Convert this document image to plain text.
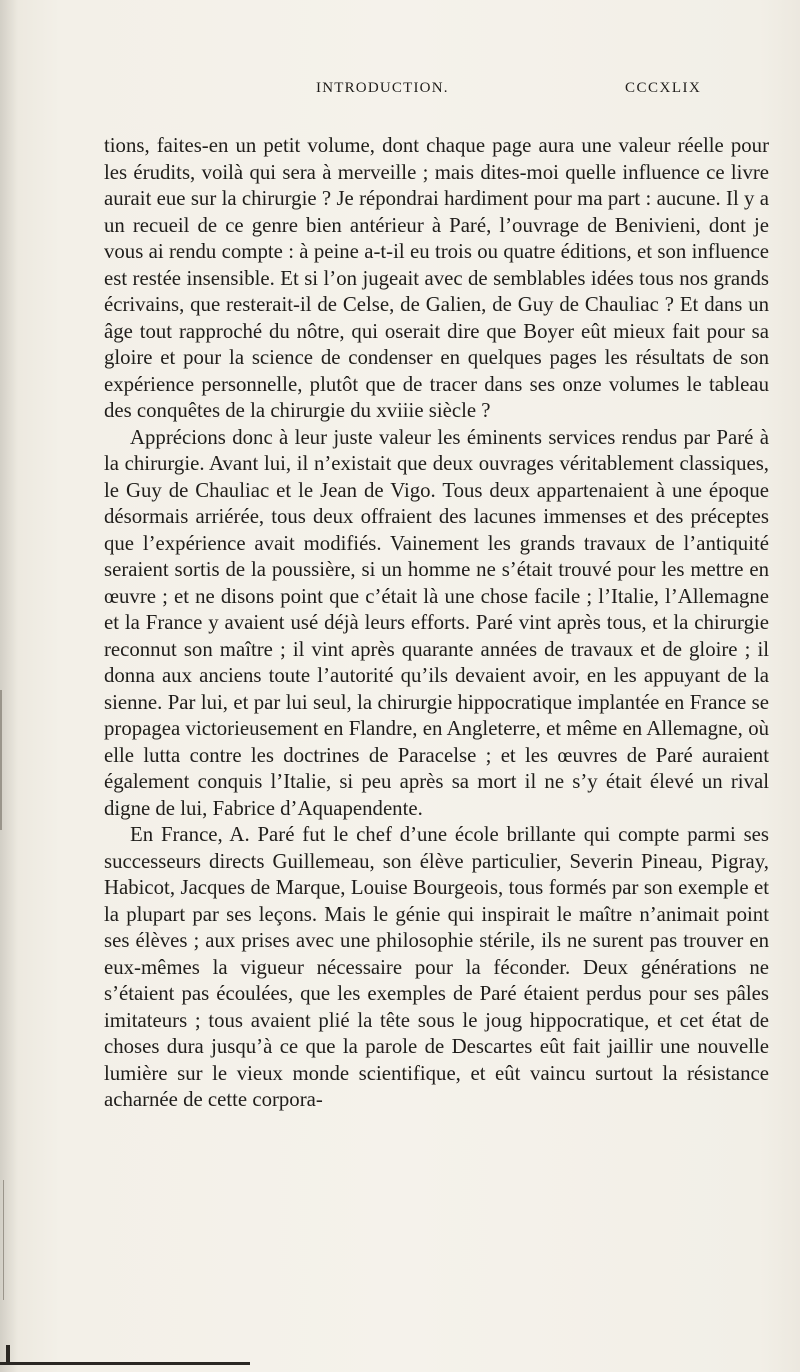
INTRODUCTION.	CCCXLIX

tions, faites-en un petit volume, dont chaque page aura une valeur réelle pour les érudits, voilà qui sera à merveille ; mais dites-moi quelle influence ce livre aurait eue sur la chirurgie ? Je répondrai hardiment pour ma part : aucune. Il y a un recueil de ce genre bien antérieur à Paré, l’ouvrage de Benivieni, dont je vous ai rendu compte : à peine a-t-il eu trois ou quatre éditions, et son influence est restée insensible. Et si l’on jugeait avec de semblables idées tous nos grands écrivains, que resterait-il de Celse, de Galien, de Guy de Chauliac ? Et dans un âge tout rapproché du nôtre, qui oserait dire que Boyer eût mieux fait pour sa gloire et pour la science de condenser en quelques pages les résultats de son expérience personnelle, plutôt que de tracer dans ses onze volumes le tableau des conquêtes de la chirurgie du xviiie siècle ?

Apprécions donc à leur juste valeur les éminents services rendus par Paré à la chirurgie. Avant lui, il n’existait que deux ouvrages véritablement classiques, le Guy de Chauliac et le Jean de Vigo. Tous deux appartenaient à une époque désormais arriérée, tous deux offraient des lacunes immenses et des préceptes que l’expérience avait modifiés. Vainement les grands travaux de l’antiquité seraient sortis de la poussière, si un homme ne s’était trouvé pour les mettre en œuvre ; et ne disons point que c’était là une chose facile ; l’Italie, l’Allemagne et la France y avaient usé déjà leurs efforts. Paré vint après tous, et la chirurgie reconnut son maître ; il vint après quarante années de travaux et de gloire ; il donna aux anciens toute l’autorité qu’ils devaient avoir, en les appuyant de la sienne. Par lui, et par lui seul, la chirurgie hippocratique implantée en France se propagea victorieusement en Flandre, en Angleterre, et même en Allemagne, où elle lutta contre les doctrines de Paracelse ; et les œuvres de Paré auraient également conquis l’Italie, si peu après sa mort il ne s’y était élevé un rival digne de lui, Fabrice d’Aquapendente.

En France, A. Paré fut le chef d’une école brillante qui compte parmi ses successeurs directs Guillemeau, son élève particulier, Severin Pineau, Pigray, Habicot, Jacques de Marque, Louise Bourgeois, tous formés par son exemple et la plupart par ses leçons. Mais le génie qui inspirait le maître n’animait point ses élèves ; aux prises avec une philosophie stérile, ils ne surent pas trouver en eux-mêmes la vigueur nécessaire pour la féconder. Deux générations ne s’étaient pas écoulées, que les exemples de Paré étaient perdus pour ses pâles imitateurs ; tous avaient plié la tête sous le joug hippocratique, et cet état de choses dura jusqu’à ce que la parole de Descartes eût fait jaillir une nouvelle lumière sur le vieux monde scientifique, et eût vaincu surtout la résistance acharnée de cette corpora-
